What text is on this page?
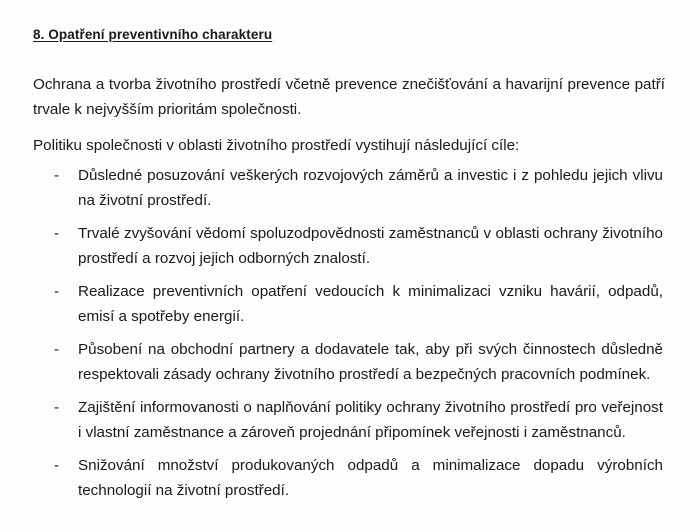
8. Opatření preventivního charakteru

Ochrana a tvorba životního prostředí včetně prevence znečišťování a havarijní prevence patří trvale k nejvyšším prioritám společnosti.

Politiku společnosti v oblasti životního prostředí vystihují následující cíle:

-	Důsledné posuzování veškerých rozvojových záměrů a investic i z pohledu jejich vlivu na životní prostředí.
-	Trvalé zvyšování vědomí spoluzodpovědnosti zaměstnanců v oblasti ochrany životního prostředí a rozvoj jejich odborných znalostí.
-	Realizace preventivních opatření vedoucích k minimalizaci vzniku havárií, odpadů, emisí a spotřeby energií.
-	Působení na obchodní partnery a dodavatele tak, aby při svých činnostech důsledně respektovali zásady ochrany životního prostředí a bezpečných pracovních podmínek.
-	Zajištění informovanosti o naplňování politiky ochrany životního prostředí pro veřejnost i vlastní zaměstnance a zároveň projednání připomínek veřejnosti i zaměstnanců.
-	Snižování množství produkovaných odpadů a minimalizace dopadu výrobních technologií na životní prostředí.
